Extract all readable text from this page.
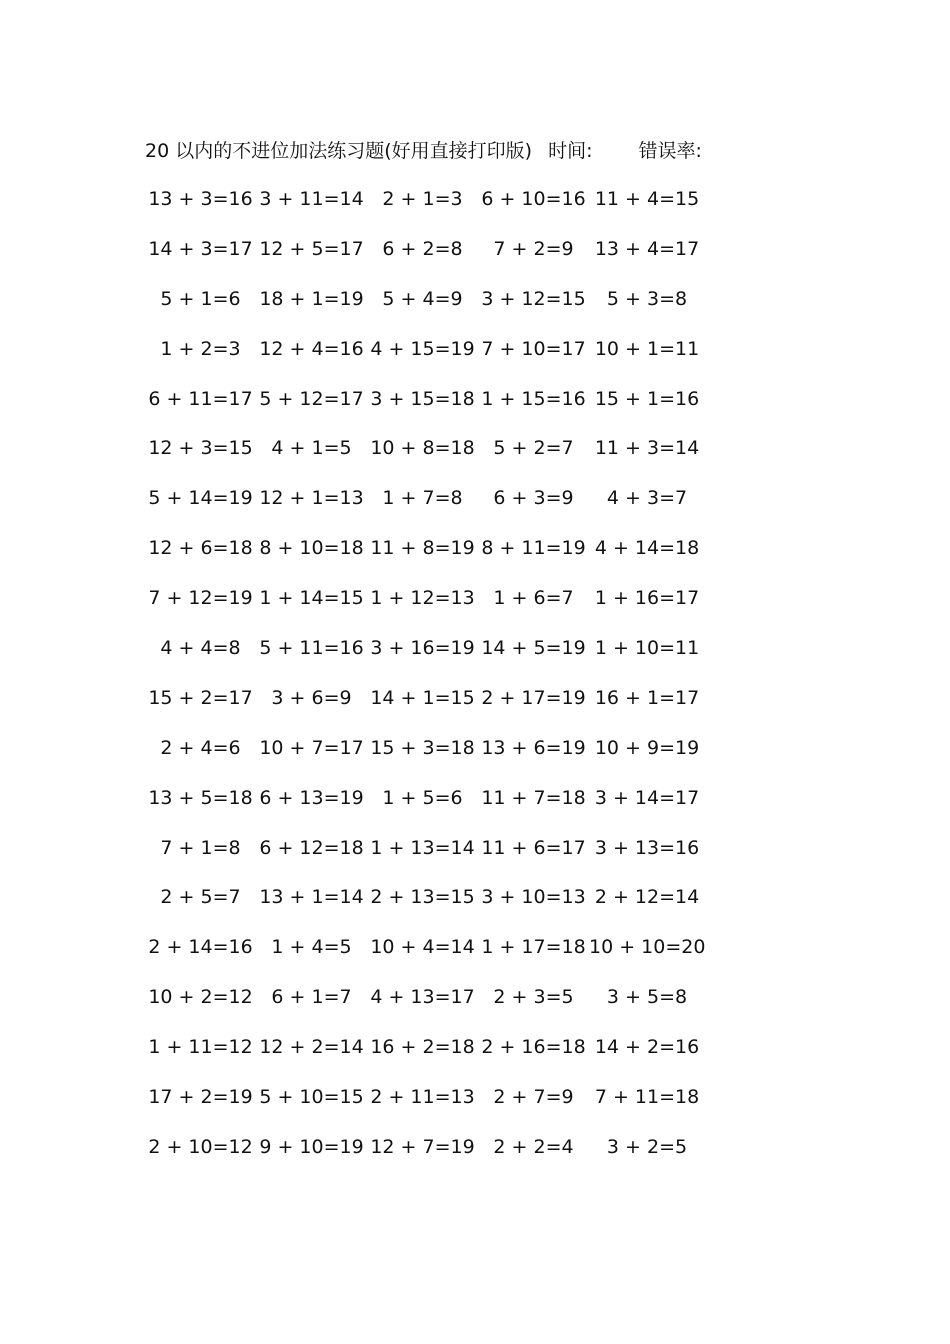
20 以内的不进位加法练习题(好用直接打印版) 时间: 错误率:
13 + 3=16 3 + 11=14 2 + 1=3 6 + 10=16 11 + 4=15
14 + 3=17 12 + 5=17 6 + 2=8	7 + 2=9	13 + 4=17
5 + 1=6 18 + 1=19 5 + 4=9 3 + 12=15	5 + 3=8
1 + 2=3 12 + 4=16 4 + 15=19 7 + 10=17 10 + 1=11
6 + 11=17 5 + 12=17 3 + 15=18 1 + 15=16 15 + 1=16
12 + 3=15 4 + 1=5 10 + 8=18 5 + 2=7	11 + 3=14
5 + 14=19 12 + 1=13 1 + 7=8	6 + 3=9	4 + 3=7
12 + 6=18 8 + 10=18 11 + 8=19 8 + 11=19 4 + 14=18
7 + 12=19 1 + 14=15 1 + 12=13 1 + 6=7	1 + 16=17
4 + 4=8 5 + 11=16 3 + 16=19 14 + 5=19 1 + 10=11
15 + 2=17 3 + 6=9 14 + 1=15 2 + 17=19 16 + 1=17
2 + 4=6 10 + 7=17 15 + 3=18 13 + 6=19 10 + 9=19
13 + 5=18 6 + 13=19 1 + 5=6 11 + 7=18 3 + 14=17
7 + 1=8 6 + 12=18 1 + 13=14 11 + 6=17 3 + 13=16
2 + 5=7 13 + 1=14 2 + 13=15 3 + 10=13 2 + 12=14
2 + 14=16 1 + 4=5 10 + 4=14 1 + 17=18 10 + 10=20
10 + 2=12 6 + 1=7 4 + 13=17 2 + 3=5	3 + 5=8
1 + 11=12 12 + 2=14 16 + 2=18 2 + 16=18 14 + 2=16
17 + 2=19 5 + 10=15 2 + 11=13 2 + 7=9	7 + 11=18
2 + 10=12 9 + 10=19 12 + 7=19 2 + 2=4	3 + 2=5
